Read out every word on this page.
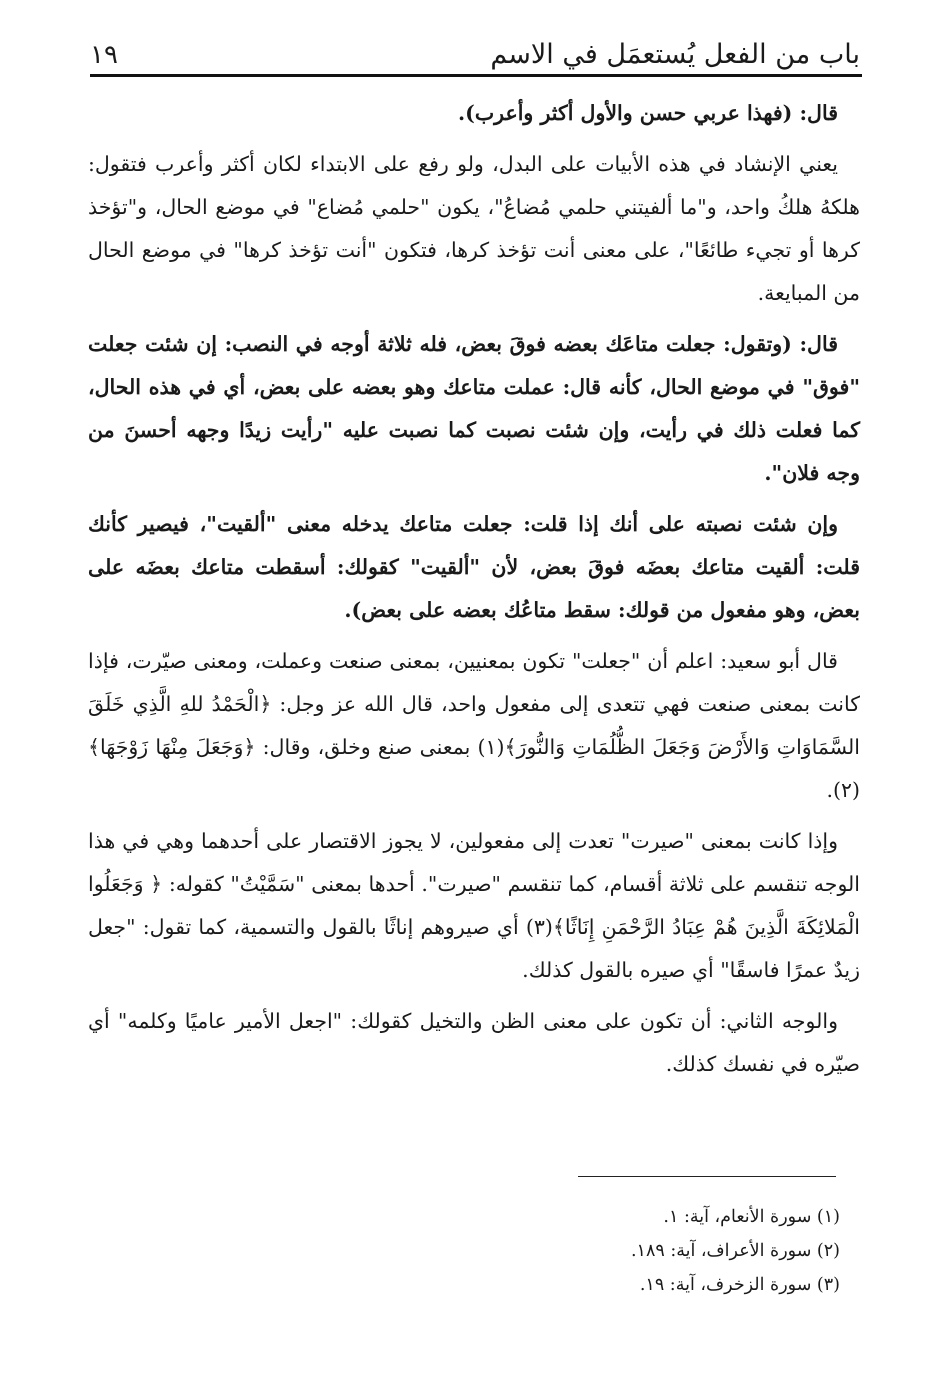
باب من الفعل يُستعمَل في الاسم
١٩

قال: (فهذا عربي حسن والأول أكثر وأعرب).

يعني الإنشاد في هذه الأبيات على البدل، ولو رفع على الابتداء لكان أكثر وأعرب فتقول: هلكهُ هلكُ واحد، و"ما ألفيتني حلمي مُضاعُ"، يكون "حلمي مُضاع" في موضع الحال، و"تؤخذ كرها أو تجيء طائعًا"، على معنى أنت تؤخذ كرها، فتكون "أنت تؤخذ كرها" في موضع الحال من المبايعة.

قال: (وتقول: جعلت متاعَك بعضه فوقَ بعض، فله ثلاثة أوجه في النصب: إن شئت جعلت "فوق" في موضع الحال، كأنه قال: عملت متاعك وهو بعضه على بعض، أي في هذه الحال، كما فعلت ذلك في رأيت، وإن شئت نصبت كما نصبت عليه "رأيت زيدًا وجهه أحسنَ من وجه فلان".

وإن شئت نصبته على أنك إذا قلت: جعلت متاعك يدخله معنى "ألقيت"، فيصير كأنك قلت: ألقيت متاعك بعضَه فوقَ بعض، لأن "ألقيت" كقولك: أسقطت متاعك بعضَه على بعض، وهو مفعول من قولك: سقط متاعُك بعضه على بعض).

قال أبو سعيد: اعلم أن "جعلت" تكون بمعنيين، بمعنى صنعت وعملت، ومعنى صيّرت، فإذا كانت بمعنى صنعت فهي تتعدى إلى مفعول واحد، قال الله عز وجل: ﴿الْحَمْدُ للهِ الَّذِي خَلَقَ السَّمَاوَاتِ وَالأَرْضَ وَجَعَلَ الظُّلُمَاتِ وَالنُّورَ﴾(١) بمعنى صنع وخلق، وقال: ﴿وَجَعَلَ مِنْهَا زَوْجَهَا﴾(٢).

وإذا كانت بمعنى "صيرت" تعدت إلى مفعولين، لا يجوز الاقتصار على أحدهما وهي في هذا الوجه تنقسم على ثلاثة أقسام، كما تنقسم "صيرت". أحدها بمعنى "سَمَّيْتُ" كقوله: ﴿ وَجَعَلُوا الْمَلائِكَةَ الَّذِينَ هُمْ عِبَادُ الرَّحْمَنِ إِنَاثًا﴾(٣) أي صيروهم إناثًا بالقول والتسمية، كما تقول: "جعل زيدٌ عمرًا فاسقًا" أي صيره بالقول كذلك.

والوجه الثاني: أن تكون على معنى الظن والتخيل كقولك: "اجعل الأمير عاميًا وكلمه" أي صيّره في نفسك كذلك.

(١) سورة الأنعام، آية: ١.

(٢) سورة الأعراف، آية: ١٨٩.

(٣) سورة الزخرف، آية: ١٩.
